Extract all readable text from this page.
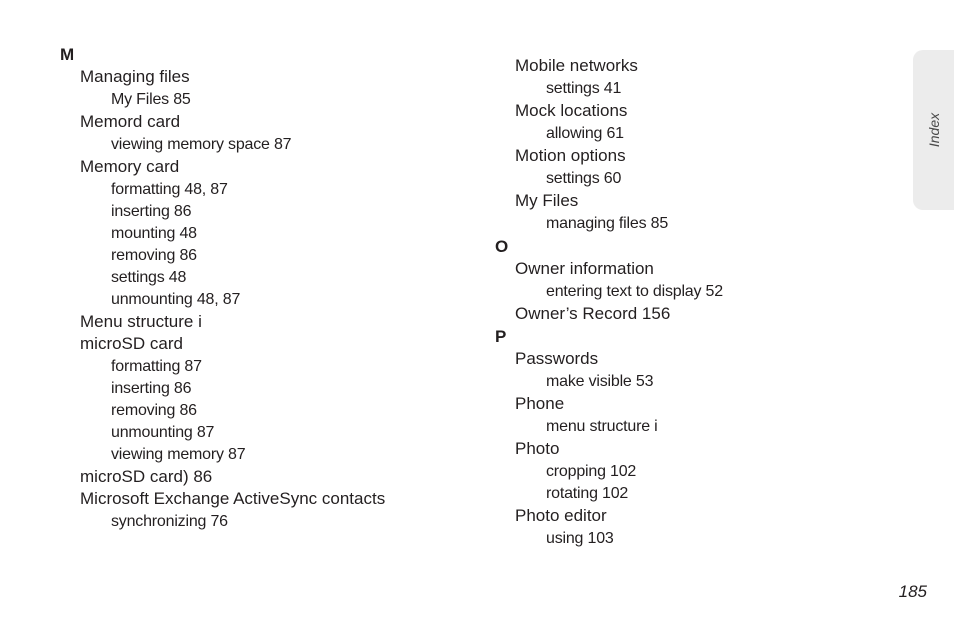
M
Managing files
My Files 85
Memord card
viewing memory space 87
Memory card
formatting 48, 87
inserting 86
mounting 48
removing 86
settings 48
unmounting 48, 87
Menu structure i
microSD card
formatting 87
inserting 86
removing 86
unmounting 87
viewing memory 87
microSD card) 86
Microsoft Exchange ActiveSync contacts
synchronizing 76
Mobile networks
settings 41
Mock locations
allowing 61
Motion options
settings 60
My Files
managing files 85
O
Owner information
entering text to display 52
Owner’s Record 156
P
Passwords
make visible 53
Phone
menu structure i
Photo
cropping 102
rotating 102
Photo editor
using 103
Index
185
